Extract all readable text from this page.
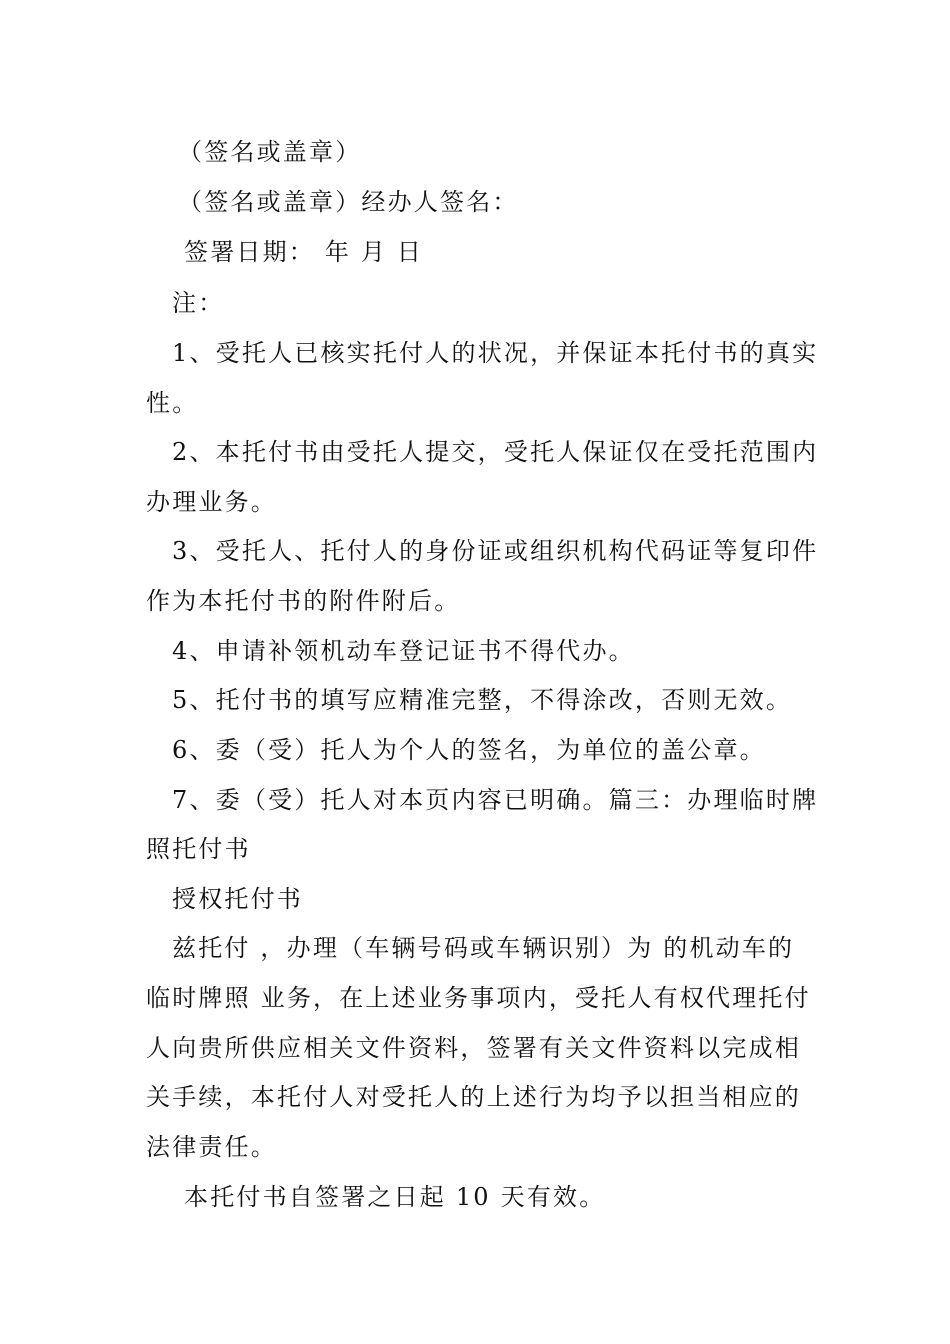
（签名或盖章）
（签名或盖章）经办人签名：
签署日期： 年 月 日
注：
1、受托人已核实托付人的状况，并保证本托付书的真实
性。
2、本托付书由受托人提交，受托人保证仅在受托范围内
办理业务。
3、受托人、托付人的身份证或组织机构代码证等复印件
作为本托付书的附件附后。
4、申请补领机动车登记证书不得代办。
5、托付书的填写应精准完整，不得涂改，否则无效。
6、委（受）托人为个人的签名，为单位的盖公章。
7、委（受）托人对本页内容已明确。篇三：办理临时牌
照托付书
授权托付书
兹托付 ，办理（车辆号码或车辆识别）为 的机动车的
临时牌照 业务，在上述业务事项内，受托人有权代理托付
人向贵所供应相关文件资料，签署有关文件资料以完成相
关手续，本托付人对受托人的上述行为均予以担当相应的
法律责任。
本托付书自签署之日起 10 天有效。
